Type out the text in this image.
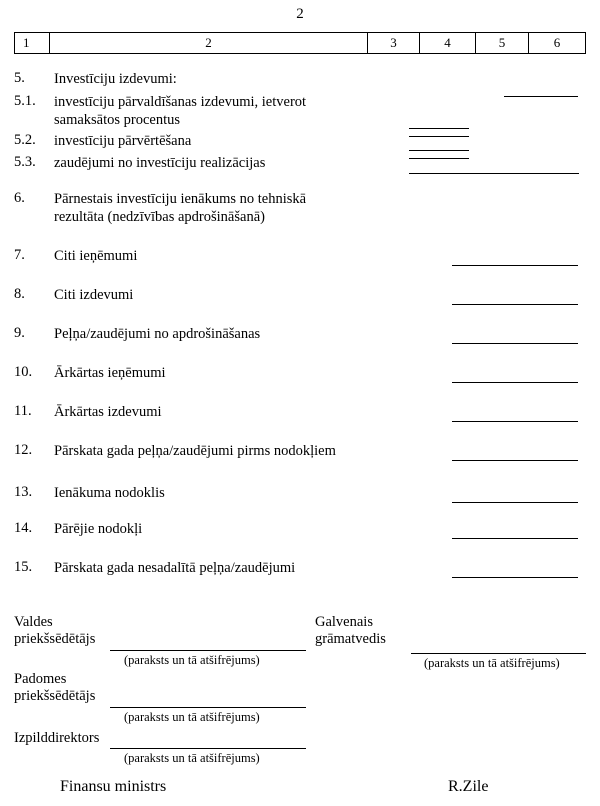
2
1	2	3	4	5	6
5. Investīciju izdevumi:
5.1. investīciju pārvaldīšanas izdevumi, ietverot samaksātos procentus
5.2. investīciju pārvērtēšana
5.3. zaudējumi no investīciju realizācijas
6. Pārnestais investīciju ienākums no tehniskā rezultāta (nedzīvības apdrošināšanā)
7. Citi ieņēmumi
8. Citi izdevumi
9. Peļņa/zaudējumi no apdrošināšanas
10. Ārkārtas ieņēmumi
11. Ārkārtas izdevumi
12. Pārskata gada peļņa/zaudējumi pirms nodokļiem
13. Ienākuma nodoklis
14. Pārējie nodokļi
15. Pārskata gada nesadalītā peļņa/zaudējumi
Valdes
priekšsēdētājs
(paraksts un tā atšifrējums)
Padomes
priekšsēdētājs
(paraksts un tā atšifrējums)
Izpilddirektors
(paraksts un tā atšifrējums)
Galvenais
grāmatvedis
(paraksts un tā atšifrējums)
Finansu ministrs	R.Zile
